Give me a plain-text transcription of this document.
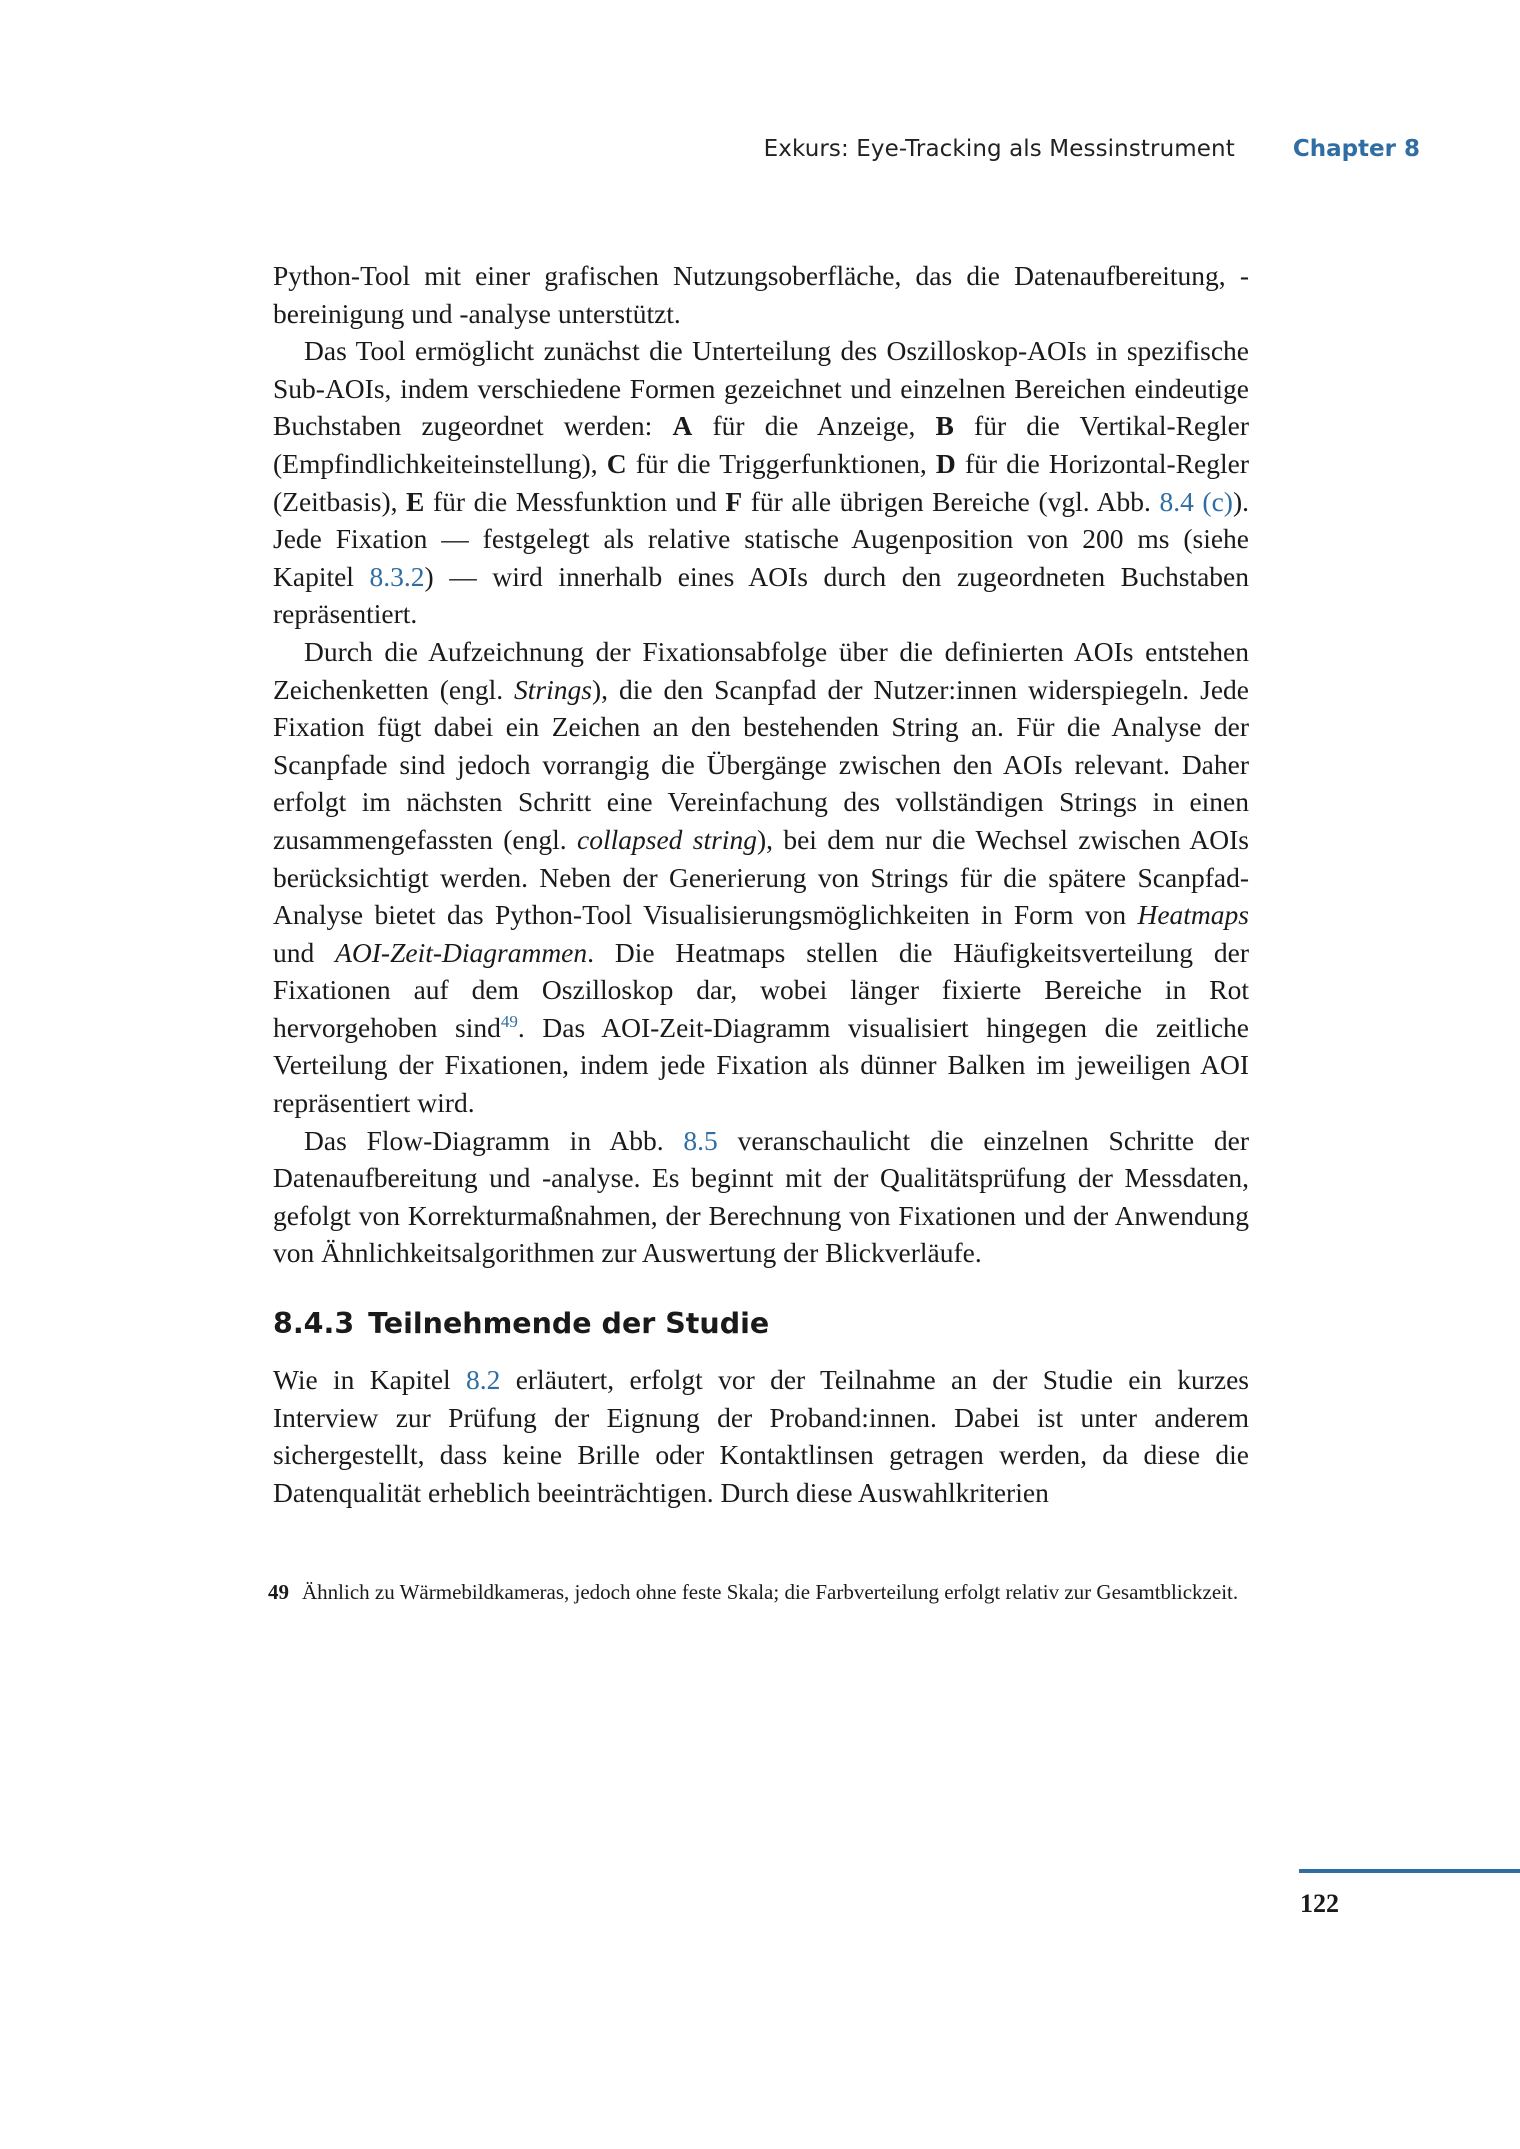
Exkurs: Eye-Tracking als Messinstrument	Chapter 8

Python-Tool mit einer grafischen Nutzungsoberfläche, das die Datenaufbereitung, -bereinigung und -analyse unterstützt.

Das Tool ermöglicht zunächst die Unterteilung des Oszilloskop-AOIs in spezifische Sub-AOIs, indem verschiedene Formen gezeichnet und einzelnen Bereichen eindeutige Buchstaben zugeordnet werden: A für die Anzeige, B für die Vertikal-Regler (Empfindlichkeiteinstellung), C für die Triggerfunktionen, D für die Horizontal-Regler (Zeitbasis), E für die Messfunktion und F für alle übrigen Bereiche (vgl. Abb. 8.4 (c)). Jede Fixation — festgelegt als relative statische Augenposition von 200 ms (siehe Kapitel 8.3.2) — wird innerhalb eines AOIs durch den zugeordneten Buchstaben repräsentiert.

Durch die Aufzeichnung der Fixationsabfolge über die definierten AOIs entstehen Zeichenketten (engl. Strings), die den Scanpfad der Nutzer:innen widerspiegeln. Jede Fixation fügt dabei ein Zeichen an den bestehenden String an. Für die Analyse der Scanpfade sind jedoch vorrangig die Übergänge zwischen den AOIs relevant. Daher erfolgt im nächsten Schritt eine Vereinfachung des vollständigen Strings in einen zusammengefassten (engl. collapsed string), bei dem nur die Wechsel zwischen AOIs berücksichtigt werden. Neben der Generierung von Strings für die spätere Scanpfad-Analyse bietet das Python-Tool Visualisierungsmöglichkeiten in Form von Heatmaps und AOI-Zeit-Diagrammen. Die Heatmaps stellen die Häufigkeitsverteilung der Fixationen auf dem Oszilloskop dar, wobei länger fixierte Bereiche in Rot hervorgehoben sind$^{49}$. Das AOI-Zeit-Diagramm visualisiert hingegen die zeitliche Verteilung der Fixationen, indem jede Fixation als dünner Balken im jeweiligen AOI repräsentiert wird.

Das Flow-Diagramm in Abb. 8.5 veranschaulicht die einzelnen Schritte der Datenaufbereitung und -analyse. Es beginnt mit der Qualitätsprüfung der Messdaten, gefolgt von Korrekturmaßnahmen, der Berechnung von Fixationen und der Anwendung von Ähnlichkeitsalgorithmen zur Auswertung der Blickverläufe.

8.4.3 Teilnehmende der Studie

Wie in Kapitel 8.2 erläutert, erfolgt vor der Teilnahme an der Studie ein kurzes Interview zur Prüfung der Eignung der Proband:innen. Dabei ist unter anderem sichergestellt, dass keine Brille oder Kontaktlinsen getragen werden, da diese die Datenqualität erheblich beeinträchtigen. Durch diese Auswahlkriterien

49 Ähnlich zu Wärmebildkameras, jedoch ohne feste Skala; die Farbverteilung erfolgt relativ zur Gesamtblickzeit.
122
